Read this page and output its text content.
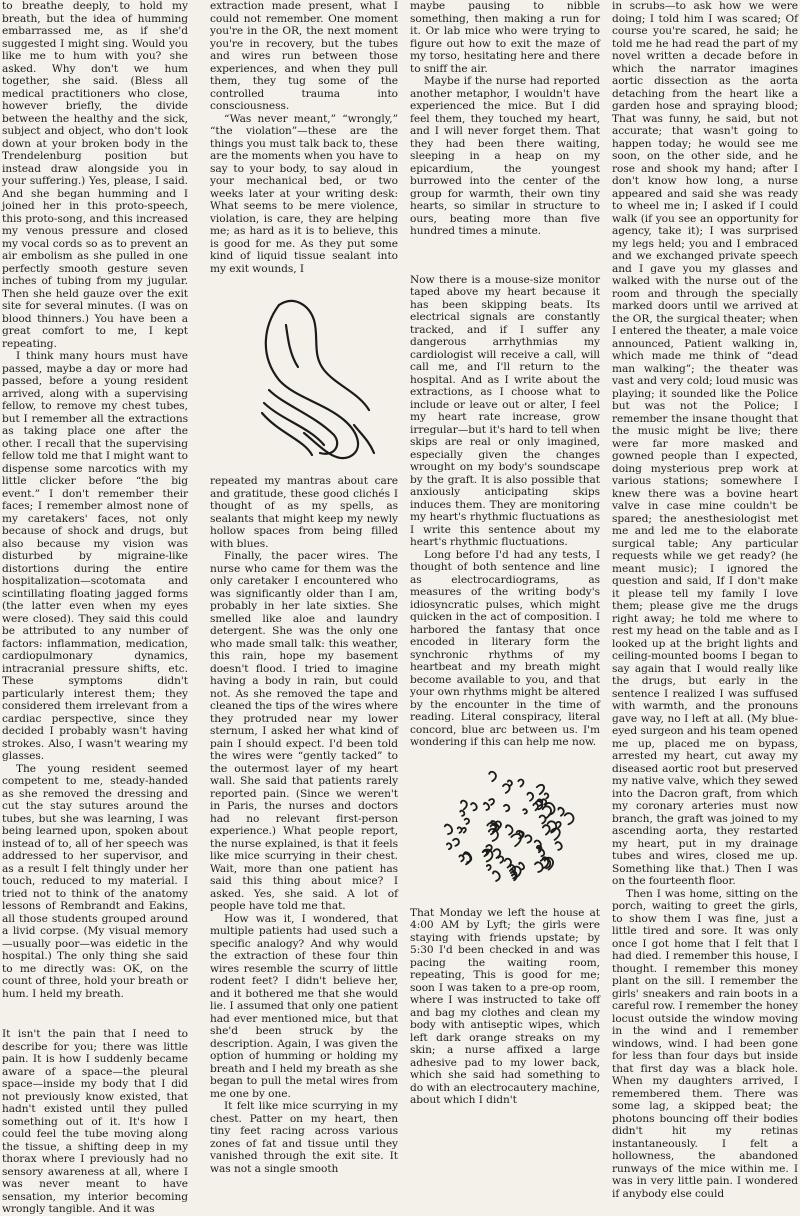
to breathe deeply, to hold my breath, but the idea of humming embarrassed me, as if she'd suggested I might sing. Would you like me to hum with you? she asked. Why don't we hum together, she said. (Bless all medical practitioners who close, however briefly, the divide between the healthy and the sick, subject and object, who don't look down at your broken body in the Trendelenburg position but instead draw alongside you in your suffering.) Yes, please, I said. And she began humming and I joined her in this proto-speech, this proto-song, and this increased my venous pressure and closed my vocal cords so as to prevent an air embolism as she pulled in one perfectly smooth gesture seven inches of tubing from my jugular. Then she held gauze over the exit site for several minutes. (I was on blood thinners.) You have been a great comfort to me, I kept repeating.

I think many hours must have passed, maybe a day or more had passed, before a young resident arrived, along with a supervising fellow, to remove my chest tubes, but I remember all the extractions as taking place one after the other. I recall that the supervising fellow told me that I might want to dispense some narcotics with my little clicker before “the big event.” I don't remember their faces; I remember almost none of my caretakers' faces, not only because of shock and drugs, but also because my vision was disturbed by migraine-like distortions during the entire hospitalization—scotomata and scintillating floating jagged forms (the latter even when my eyes were closed). They said this could be attributed to any number of factors: inflammation, medication, cardiopulmonary dynamics, intracranial pressure shifts, etc. These symptoms didn't particularly interest them; they considered them irrelevant from a cardiac perspective, since they decided I probably wasn't having strokes. Also, I wasn't wearing my glasses.

The young resident seemed competent to me, steady-handed as she removed the dressing and cut the stay sutures around the tubes, but she was learning, I was being learned upon, spoken about instead of to, all of her speech was addressed to her supervisor, and as a result I felt thingly under her touch, reduced to my material. I tried not to think of the anatomy lessons of Rembrandt and Eakins, all those students grouped around a livid corpse. (My visual memory—usually poor—was eidetic in the hospital.) The only thing she said to me directly was: OK, on the count of three, hold your breath or hum. I held my breath.

It isn't the pain that I need to describe for you; there was little pain. It is how I suddenly became aware of a space—the pleural space—inside my body that I did not previously know existed, that hadn't existed until they pulled something out of it. It's how I could feel the tube moving along the tissue, a shifting deep in my thorax where I previously had no sensory awareness at all, where I was never meant to have sensation, my interior becoming wrongly tangible. And it was

extraction made present, what I could not remember. One moment you're in the OR, the next moment you're in recovery, but the tubes and wires run between those experiences, and when they pull them, they tug some of the controlled trauma into consciousness.

“Was never meant,” “wrongly,” “the violation”—these are the things you must talk back to, these are the moments when you have to say to your body, to say aloud in your mechanical bed, or two weeks later at your writing desk: What seems to be mere violence, violation, is care, they are helping me; as hard as it is to believe, this is good for me. As they put some kind of liquid tissue sealant into my exit wounds, I

repeated my mantras about care and gratitude, these good clichés I thought of as my spells, as sealants that might keep my newly hollow spaces from being filled with blues.

Finally, the pacer wires. The nurse who came for them was the only caretaker I encountered who was significantly older than I am, probably in her late sixties. She smelled like aloe and laundry detergent. She was the only one who made small talk: this weather, this rain, hope my basement doesn't flood. I tried to imagine having a body in rain, but could not. As she removed the tape and cleaned the tips of the wires where they protruded near my lower sternum, I asked her what kind of pain I should expect. I'd been told the wires were “gently tacked” to the outermost layer of my heart wall. She said that patients rarely reported pain. (Since we weren't in Paris, the nurses and doctors had no relevant first-person experience.) What people report, the nurse explained, is that it feels like mice scurrying in their chest. Wait, more than one patient has said this thing about mice? I asked. Yes, she said. A lot of people have told me that.

How was it, I wondered, that multiple patients had used such a specific analogy? And why would the extraction of these four thin wires resemble the scurry of little rodent feet? I didn't believe her, and it bothered me that she would lie. I assumed that only one patient had ever mentioned mice, but that she'd been struck by the description. Again, I was given the option of humming or holding my breath and I held my breath as she began to pull the metal wires from me one by one.

It felt like mice scurrying in my chest. Patter on my heart, then tiny feet racing across various zones of fat and tissue until they vanished through the exit site. It was not a single smooth

maybe pausing to nibble something, then making a run for it. Or lab mice who were trying to figure out how to exit the maze of my torso, hesitating here and there to sniff the air.

Maybe if the nurse had reported another metaphor, I wouldn't have experienced the mice. But I did feel them, they touched my heart, and I will never forget them. That they had been there waiting, sleeping in a heap on my epicardium, the youngest burrowed into the center of the group for warmth, their own tiny hearts, so similar in structure to ours, beating more than five hundred times a minute.

Now there is a mouse-size monitor taped above my heart because it has been skipping beats. Its electrical signals are constantly tracked, and if I suffer any dangerous arrhythmias my cardiologist will receive a call, will call me, and I'll return to the hospital. And as I write about the extractions, as I choose what to include or leave out or alter, I feel my heart rate increase, grow irregular—but it's hard to tell when skips are real or only imagined, especially given the changes wrought on my body's soundscape by the graft. It is also possible that anxiously anticipating skips induces them. They are monitoring my heart's rhythmic fluctuations as I write this sentence about my heart's rhythmic fluctuations.

Long before I'd had any tests, I thought of both sentence and line as electrocardiograms, as measures of the writing body's idiosyncratic pulses, which might quicken in the act of composition. I harbored the fantasy that once encoded in literary form the synchronic rhythms of my heartbeat and my breath might become available to you, and that your own rhythms might be altered by the encounter in the time of reading. Literal conspiracy, literal concord, blue arc between us. I'm wondering if this can help me now.

That Monday we left the house at 4:00 AM by Lyft; the girls were staying with friends upstate; by 5:30 I'd been checked in and was pacing the waiting room, repeating, This is good for me; soon I was taken to a pre-op room, where I was instructed to take off and bag my clothes and clean my body with antiseptic wipes, which left dark orange streaks on my skin; a nurse affixed a large adhesive pad to my lower back, which she said had something to do with an electrocautery machine, about which I didn't

in scrubs—to ask how we were doing; I told him I was scared; Of course you're scared, he said; he told me he had read the part of my novel written a decade before in which the narrator imagines aortic dissection as the aorta detaching from the heart like a garden hose and spraying blood; That was funny, he said, but not accurate; that wasn't going to happen today; he would see me soon, on the other side, and he rose and shook my hand; after I don't know how long, a nurse appeared and said she was ready to wheel me in; I asked if I could walk (if you see an opportunity for agency, take it); I was surprised my legs held; you and I embraced and we exchanged private speech and I gave you my glasses and walked with the nurse out of the room and through the specially marked doors until we arrived at the OR, the surgical theater; when I entered the theater, a male voice announced, Patient walking in, which made me think of “dead man walking”; the theater was vast and very cold; loud music was playing; it sounded like the Police but was not the Police; I remember the insane thought that the music might be live; there were far more masked and gowned people than I expected, doing mysterious prep work at various stations; somewhere I knew there was a bovine heart valve in case mine couldn't be spared; the anesthesiologist met me and led me to the elaborate surgical table; Any particular requests while we get ready? (he meant music); I ignored the question and said, If I don't make it please tell my family I love them; please give me the drugs right away; he told me where to rest my head on the table and as I looked up at the bright lights and ceiling-mounted booms I began to say again that I would really like the drugs, but early in the sentence I realized I was suffused with warmth, and the pronouns gave way, no I left at all. (My blue-eyed surgeon and his team opened me up, placed me on bypass, arrested my heart, cut away my diseased aortic root but preserved my native valve, which they sewed into the Dacron graft, from which my coronary arteries must now branch, the graft was joined to my ascending aorta, they restarted my heart, put in my drainage tubes and wires, closed me up. Something like that.) Then I was on the fourteenth floor.

Then I was home, sitting on the porch, waiting to greet the girls, to show them I was fine, just a little tired and sore. It was only once I got home that I felt that I had died. I remember this house, I thought. I remember this money plant on the sill. I remember the girls' sneakers and rain boots in a careful row. I remember the honey locust outside the window moving in the wind and I remember windows, wind. I had been gone for less than four days but inside that first day was a black hole. When my daughters arrived, I remembered them. There was some lag, a skipped beat; the photons bouncing off their bodies didn't hit my retinas instantaneously. I felt a hollowness, the abandoned runways of the mice within me. I was in very little pain. I wondered if anybody else could
